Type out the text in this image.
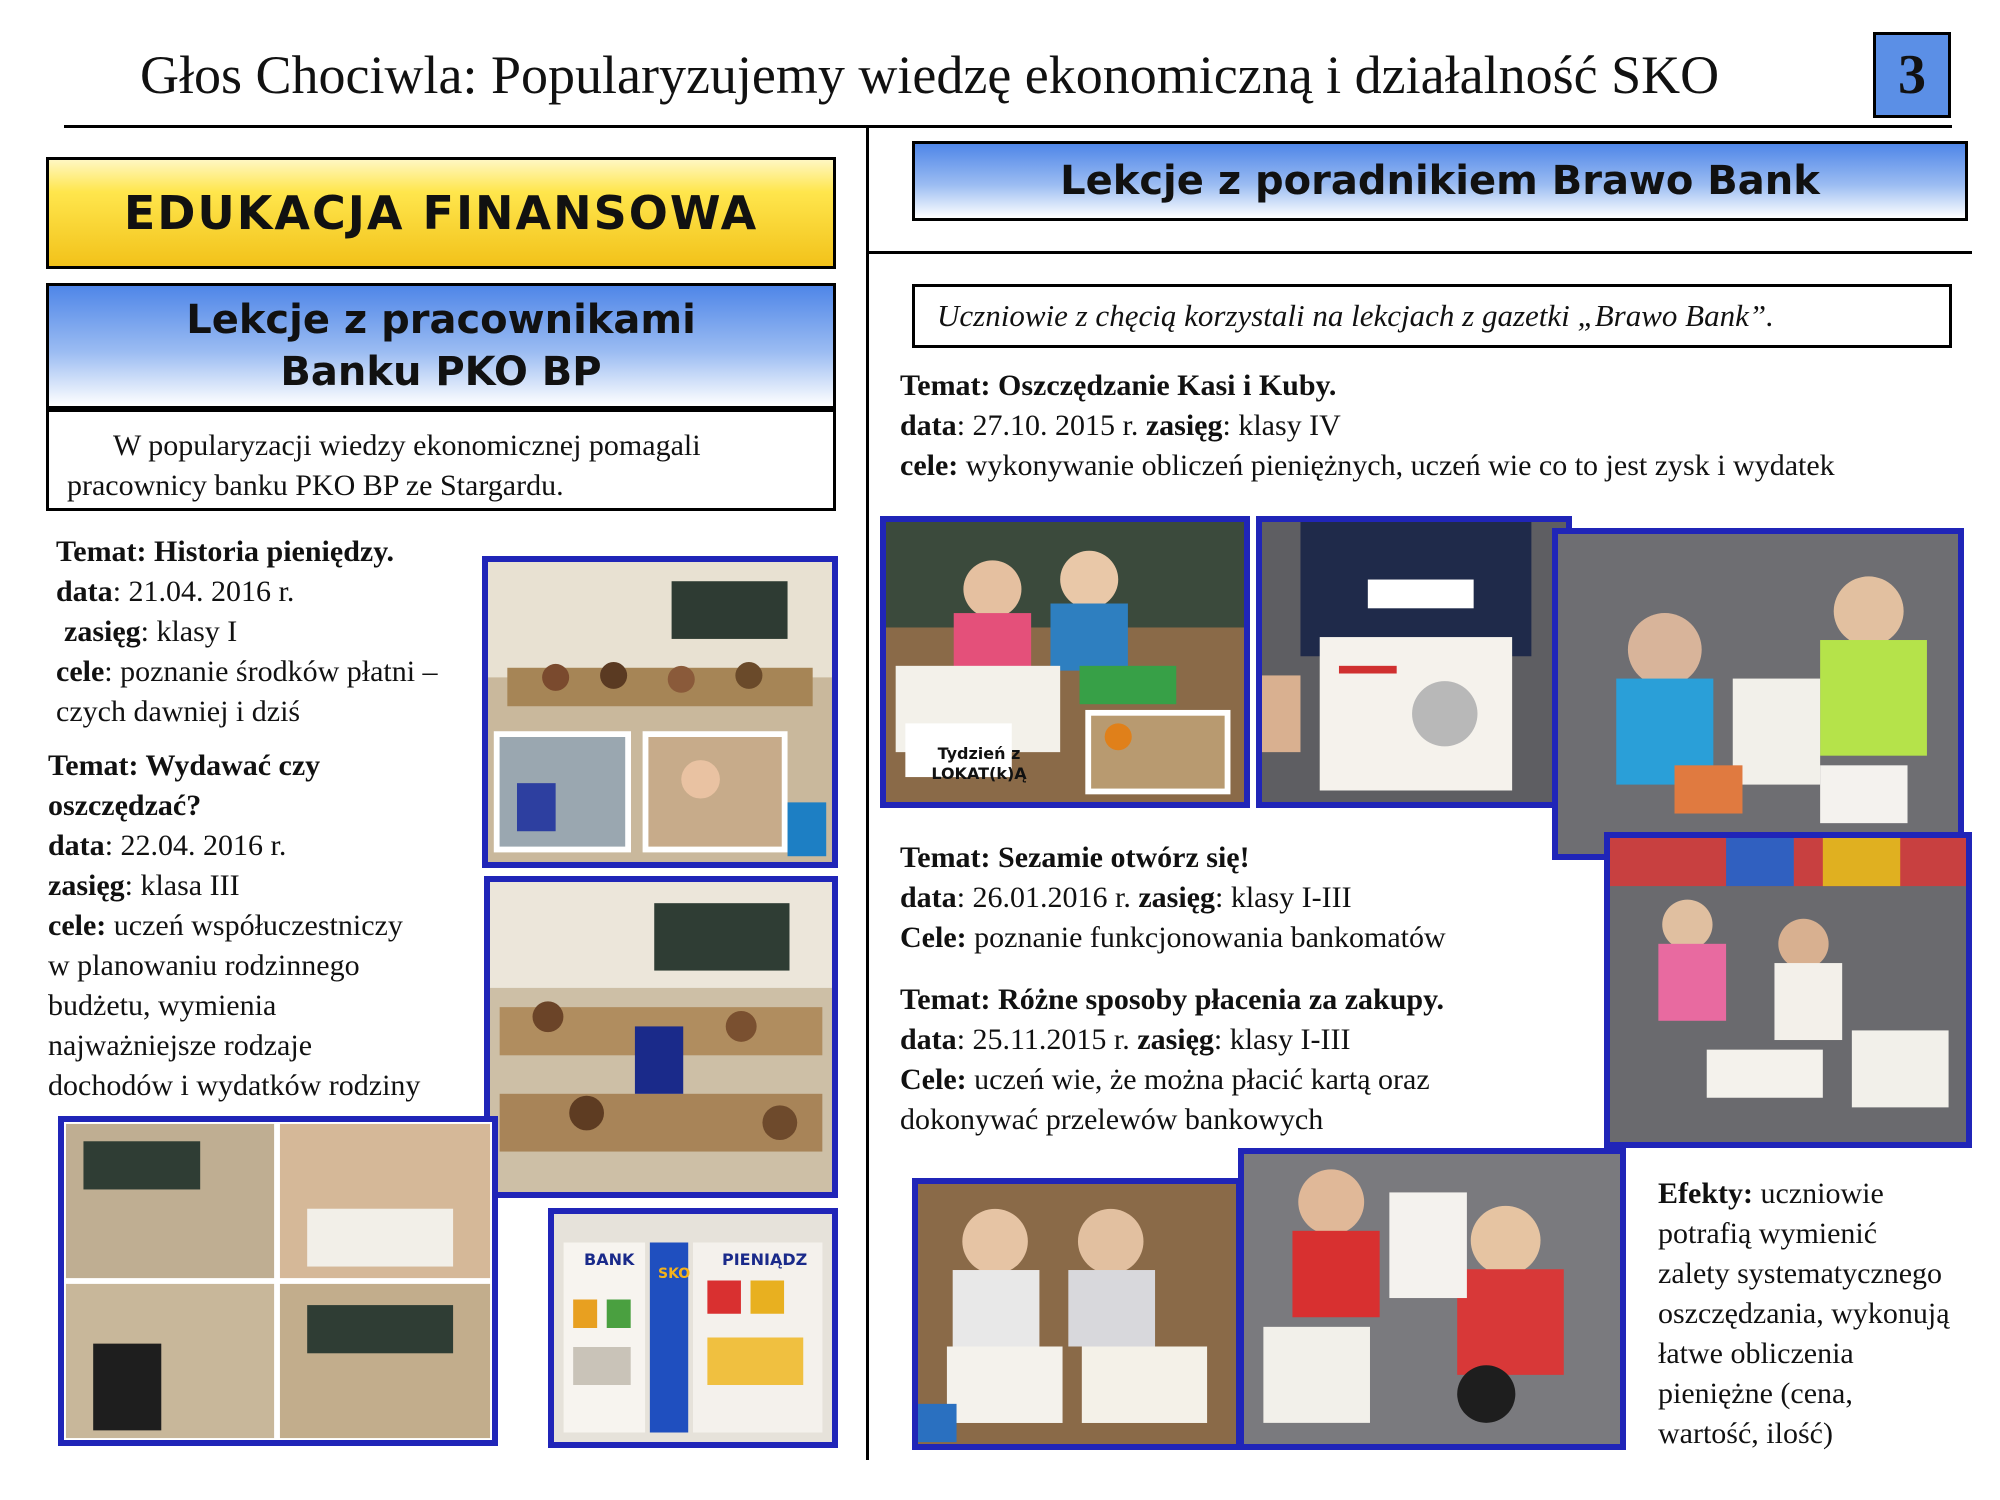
Głos Chociwla: Popularyzujemy wiedzę ekonomiczną i działalność SKO	3
EDUKACJA FINANSOWA
Lekcje z pracownikami
Banku PKO BP
W popularyzacji wiedzy ekonomicznej pomagali
pracownicy banku PKO BP ze Stargardu.
Temat: Historia pieniędzy.
data: 21.04. 2016 r.
zasięg: klasy I
cele: poznanie środków płatni –
czych dawniej i dziś
Temat: Wydawać czy
oszczędzać?
data: 22.04. 2016 r.
zasięg: klasa III
cele: uczeń współuczestniczy
w planowaniu rodzinnego
budżetu, wymienia
najważniejsze rodzaje
dochodów i wydatków rodziny
BANK
SKO
PIENIĄDZ
Lekcje z poradnikiem Brawo Bank
Uczniowie z chęcią korzystali na lekcjach z gazetki „Brawo Bank”.
Temat: Oszczędzanie Kasi i Kuby.
data: 27.10. 2015 r. zasięg: klasy IV
cele: wykonywanie obliczeń pieniężnych, uczeń wie co to jest zysk i wydatek
Tydzień z
LOKAT(k)Ą
Temat: Sezamie otwórz się!
data: 26.01.2016 r. zasięg: klasy I-III
Cele: poznanie funkcjonowania bankomatów
Temat: Różne sposoby płacenia za zakupy.
data: 25.11.2015 r. zasięg: klasy I-III
Cele: uczeń wie, że można płacić kartą oraz
dokonywać przelewów bankowych
Efekty: uczniowie
potrafią wymienić
zalety systematycznego
oszczędzania, wykonują
łatwe obliczenia
pieniężne (cena,
wartość, ilość)
